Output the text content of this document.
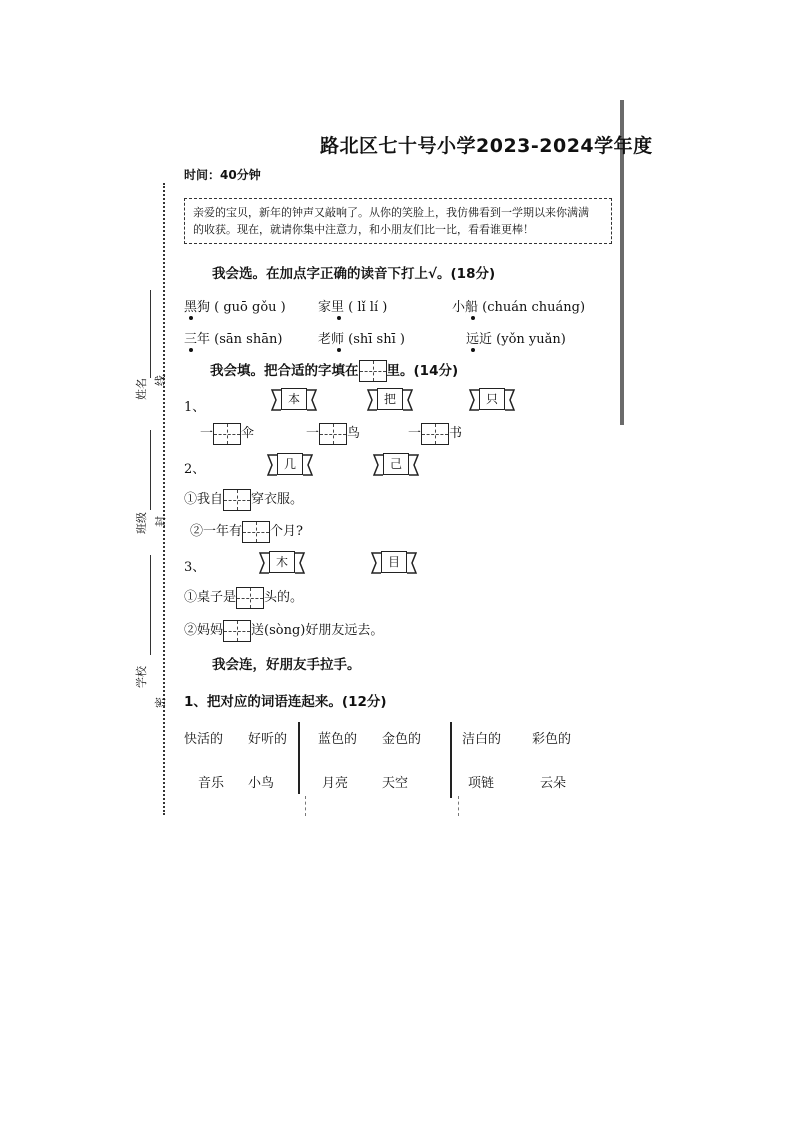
姓名 线
班级 封
学校
密
路北区七十号小学2023-2024学年度
时间：40分钟
亲爱的宝贝，新年的钟声又敲响了。从你的笑脸上，我仿佛看到一学期以来你满满
的收获。现在，就请你集中注意力，和小朋友们比一比，看看谁更棒！
我会选。在加点字正确的读音下打上√。(18分)
黑狗 ( guō gǒu ) 家里 ( lǐ lí )	小船 (chuán chuáng)
三年 (sān shān)	老师 (shī shī )	远近 (yǒn yuǎn)
我会填。把合适的字填在 里。(14分)
1、
本	把	只
一 伞	一 鸟	一 书
2、	几	己
①我自 穿衣服。
②一年有 个月?
3、	木	目
①桌子是 头的。
②妈妈 送(sòng)好朋友远去。
我会连，好朋友手拉手。
1、把对应的词语连起来。(12分)
快活的 好听的
音乐 小鸟
蓝色的 金色的
月亮	天空
洁白的 彩色的
项链	云朵
